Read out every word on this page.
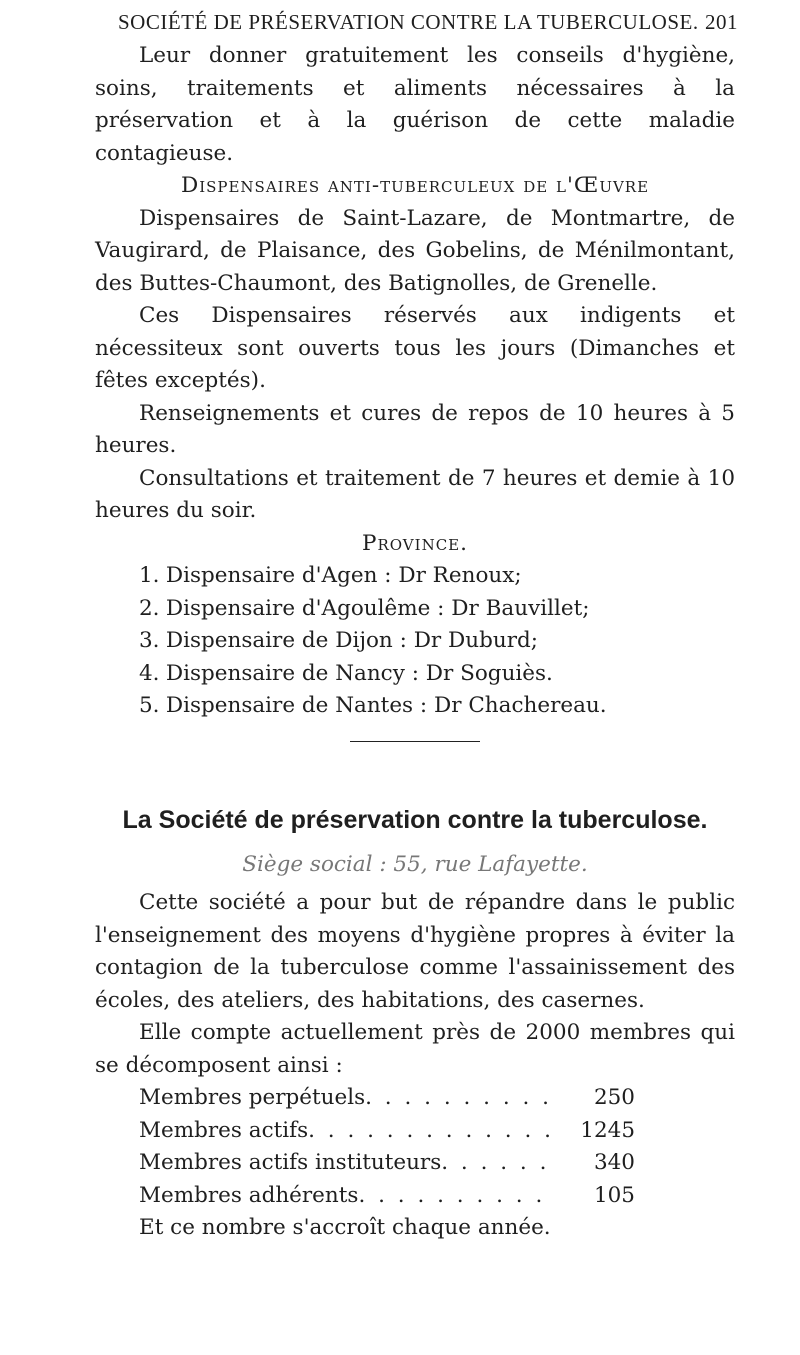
SOCIÉTÉ DE PRÉSERVATION CONTRE LA TUBERCULOSE. 201

Leur donner gratuitement les conseils d'hygiène, soins, traitements et aliments nécessaires à la préservation et à la guérison de cette maladie contagieuse.

Dispensaires anti-tuberculeux de l'Œuvre

Dispensaires de Saint-Lazare, de Montmartre, de Vaugirard, de Plaisance, des Gobelins, de Ménilmontant, des Buttes-Chaumont, des Batignolles, de Grenelle.

Ces Dispensaires réservés aux indigents et nécessiteux sont ouverts tous les jours (Dimanches et fêtes exceptés).

Renseignements et cures de repos de 10 heures à 5 heures.

Consultations et traitement de 7 heures et demie à 10 heures du soir.

Province.

1.
Dispensaire d'Agen : Dr Renoux;
2.
Dispensaire d'Agoulême : Dr Bauvillet;
3.
Dispensaire de Dijon : Dr Duburd;
4.
Dispensaire de Nancy : Dr Soguiès.
5.
Dispensaire de Nantes : Dr Chachereau.
La Société de préservation contre la tuberculose.

Siège social : 55, rue Lafayette.

Cette société a pour but de répandre dans le public l'enseignement des moyens d'hygiène propres à éviter la contagion de la tuberculose comme l'assainissement des écoles, des ateliers, des habitations, des casernes.

Elle compte actuellement près de 2000 membres qui se décomposent ainsi :

Membres perpétuels . . .	250
Membres actifs . . .	1245
Membres actifs instituteurs . . .	340
Membres adhérents . . .	105

Et ce nombre s'accroît chaque année.
